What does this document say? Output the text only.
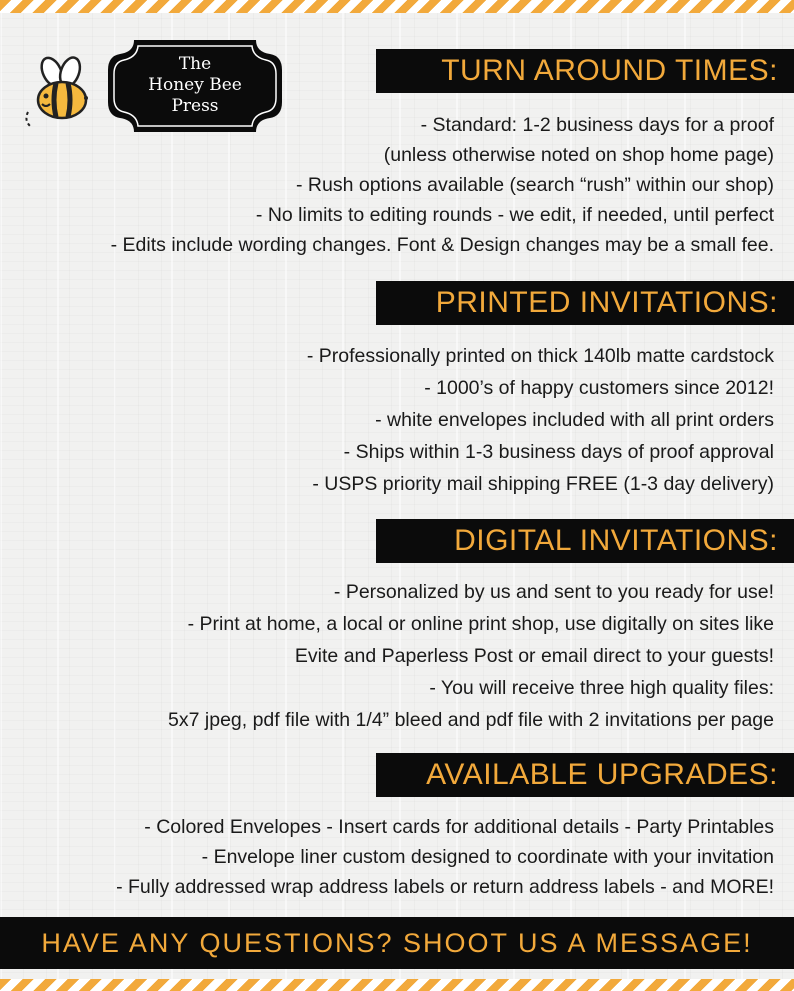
The
Honey Bee
Press
TURN AROUND TIMES:
- Standard: 1-2 business days for a proof
(unless otherwise noted on shop home page)
- Rush options available (search “rush” within our shop)
- No limits to editing rounds - we edit, if needed, until perfect
- Edits include wording changes. Font & Design changes may be a small fee.
PRINTED INVITATIONS:
- Professionally printed on thick 140lb matte cardstock
- 1000’s of happy customers since 2012!
- white envelopes included with all print orders
- Ships within 1-3 business days of proof approval
- USPS priority mail shipping FREE (1-3 day delivery)
DIGITAL INVITATIONS:
- Personalized by us and sent to you ready for use!
- Print at home, a local or online print shop, use digitally on sites like
Evite and Paperless Post or email direct to your guests!
- You will receive three high quality files:
5x7 jpeg, pdf file with 1/4” bleed and pdf file with 2 invitations per page
AVAILABLE UPGRADES:
- Colored Envelopes - Insert cards for additional details - Party Printables
- Envelope liner custom designed to coordinate with your invitation
- Fully addressed wrap address labels or return address labels - and MORE!
HAVE ANY QUESTIONS? SHOOT US A MESSAGE!
